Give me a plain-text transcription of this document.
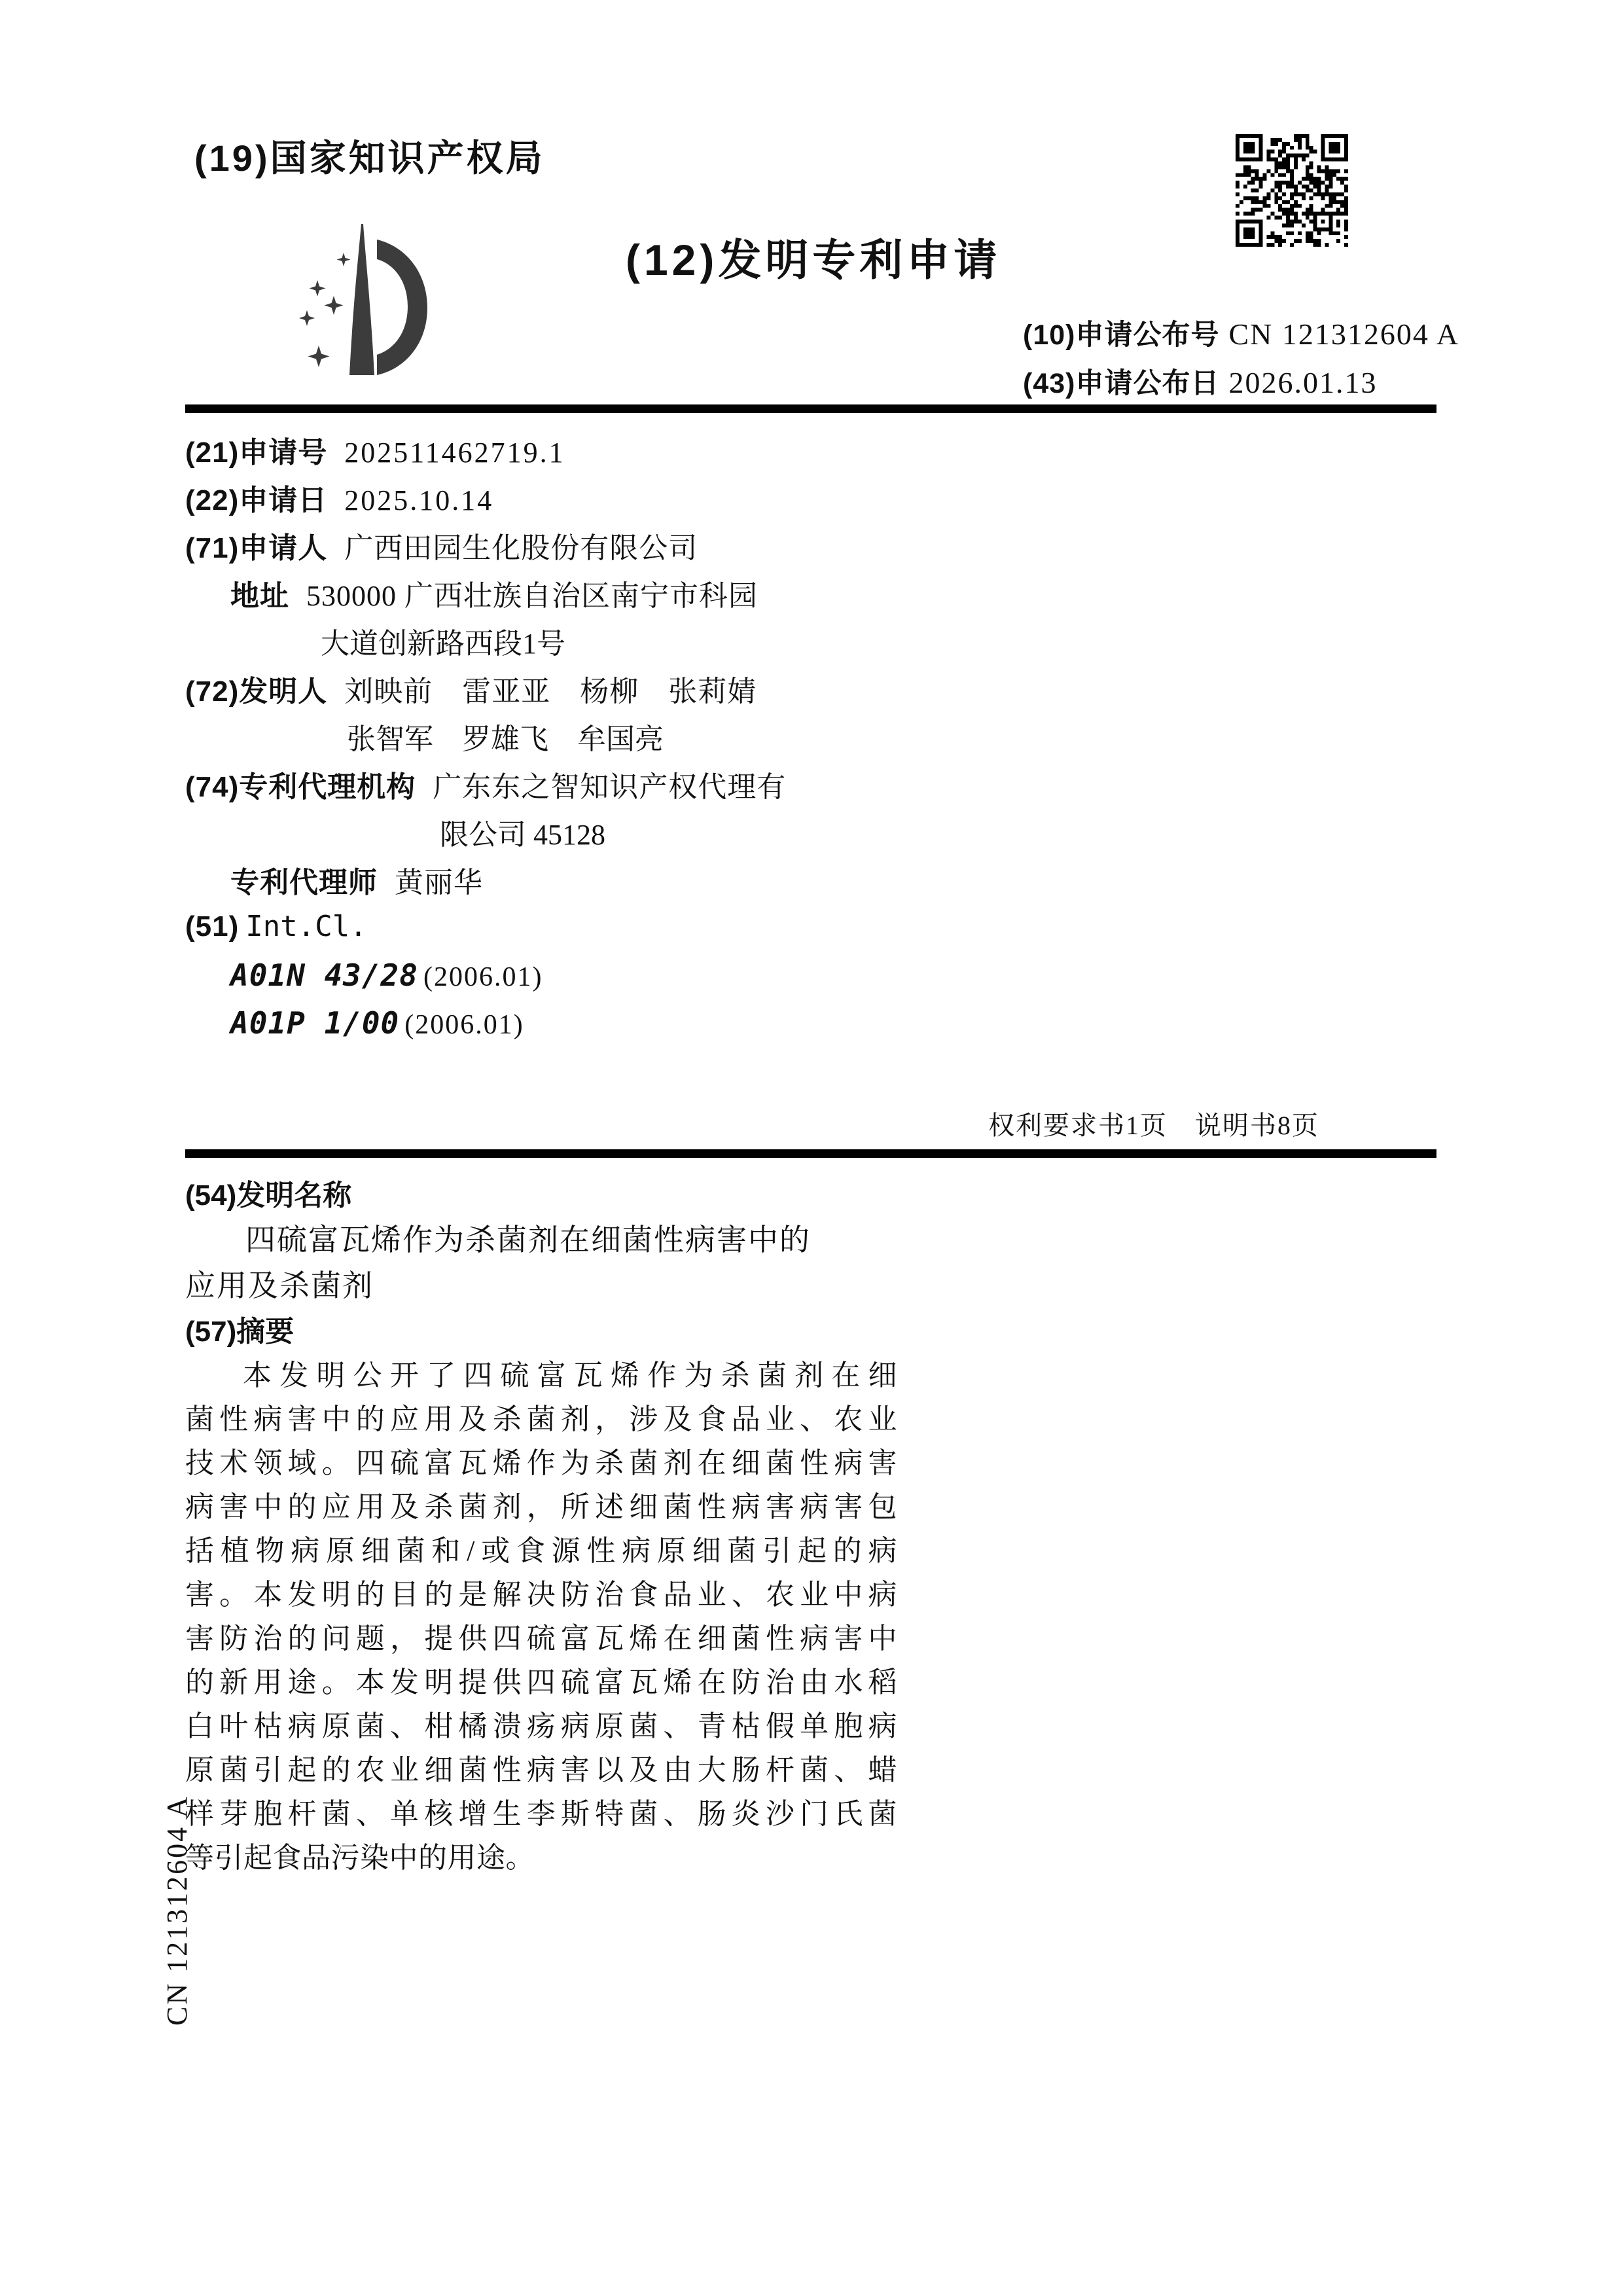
(19)国家知识产权局
(12)发明专利申请
(10)申请公布号 CN 121312604 A
(43)申请公布日 2026.01.13
(21)申请号 202511462719.1
(22)申请日 2025.10.14
(71)申请人 广西田园生化股份有限公司
地址 530000 广西壮族自治区南宁市科园
大道创新路西段1号
(72)发明人 刘映前　雷亚亚　杨柳　张莉婧
张智军　罗雄飞　牟国亮
(74)专利代理机构 广东东之智知识产权代理有
限公司 45128
专利代理师 黄丽华
(51) Int.Cl.
A01N 43/28 (2006.01)
A01P 1/00 (2006.01)
权利要求书1页　说明书8页
(54)发明名称
四硫富瓦烯作为杀菌剂在细菌性病害中的
应用及杀菌剂
(57)摘要
本发明公开了四硫富瓦烯作为杀菌剂在细
菌性病害中的应用及杀菌剂，涉及食品业、农业
技术领域。四硫富瓦烯作为杀菌剂在细菌性病害
病害中的应用及杀菌剂，所述细菌性病害病害包
括植物病原细菌和/或食源性病原细菌引起的病
害。本发明的目的是解决防治食品业、农业中病
害防治的问题，提供四硫富瓦烯在细菌性病害中
的新用途。本发明提供四硫富瓦烯在防治由水稻
白叶枯病原菌、柑橘溃疡病原菌、青枯假单胞病
原菌引起的农业细菌性病害以及由大肠杆菌、蜡
样芽胞杆菌、单核增生李斯特菌、肠炎沙门氏菌
等引起食品污染中的用途。
CN 121312604 A
